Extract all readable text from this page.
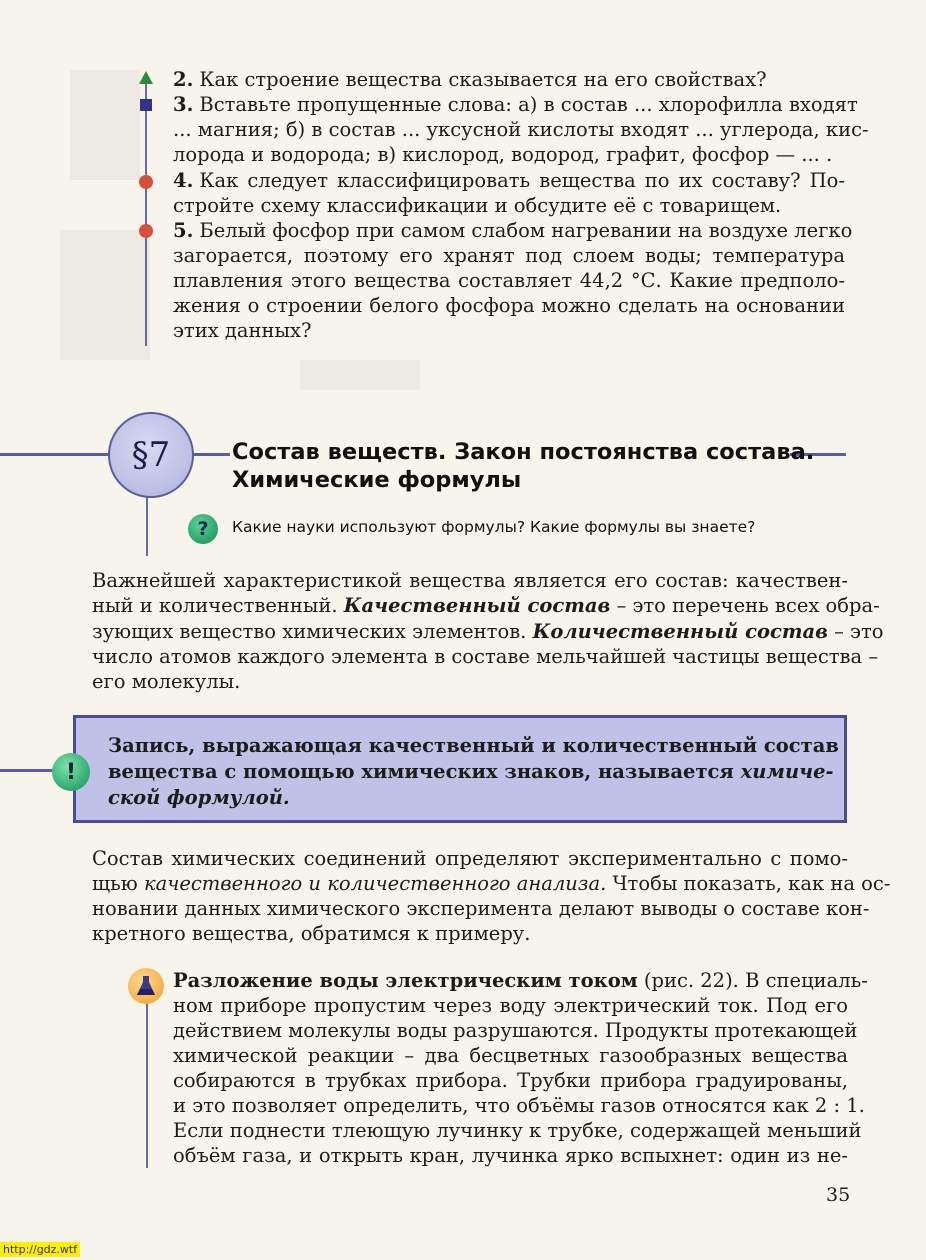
2. Как строение вещества сказывается на его свойствах?
3. Вставьте пропущенные слова: а) в состав ... хлорофилла входят
... магния; б) в состав ... уксусной кислоты входят ... углерода, кис-
лорода и водорода; в) кислород, водород, графит, фосфор — ... .
4. Как следует классифицировать вещества по их составу? По-
стройте схему классификации и обсудите её с товарищем.
5. Белый фосфор при самом слабом нагревании на воздухе легко
загорается, поэтому его хранят под слоем воды; температура
плавления этого вещества составляет 44,2 °С. Какие предполо-
жения о строении белого фосфора можно сделать на основании
этих данных?
§7	Состав веществ. Закон постоянства состава.
Химические формулы
?	Какие науки используют формулы? Какие формулы вы знаете?
Важнейшей характеристикой вещества является его состав: качествен-
ный и количественный. Качественный состав – это перечень всех обра-
зующих вещество химических элементов. Количественный состав – это
число атомов каждого элемента в составе мельчайшей частицы вещества –
его молекулы.
!
Запись, выражающая качественный и количественный состав
вещества с помощью химических знаков, называется химиче-
ской формулой.
Состав химических соединений определяют экспериментально с помо-
щью качественного и количественного анализа. Чтобы показать, как на ос-
новании данных химического эксперимента делают выводы о составе кон-
кретного вещества, обратимся к примеру.
Разложение воды электрическим током (рис. 22). В специаль-
ном приборе пропустим через воду электрический ток. Под его
действием молекулы воды разрушаются. Продукты протекающей
химической реакции – два бесцветных газообразных вещества
собираются в трубках прибора. Трубки прибора градуированы,
и это позволяет определить, что объёмы газов относятся как 2 : 1.
Если поднести тлеющую лучинку к трубке, содержащей меньший
объём газа, и открыть кран, лучинка ярко вспыхнет: один из не-
35
http://gdz.wtf
